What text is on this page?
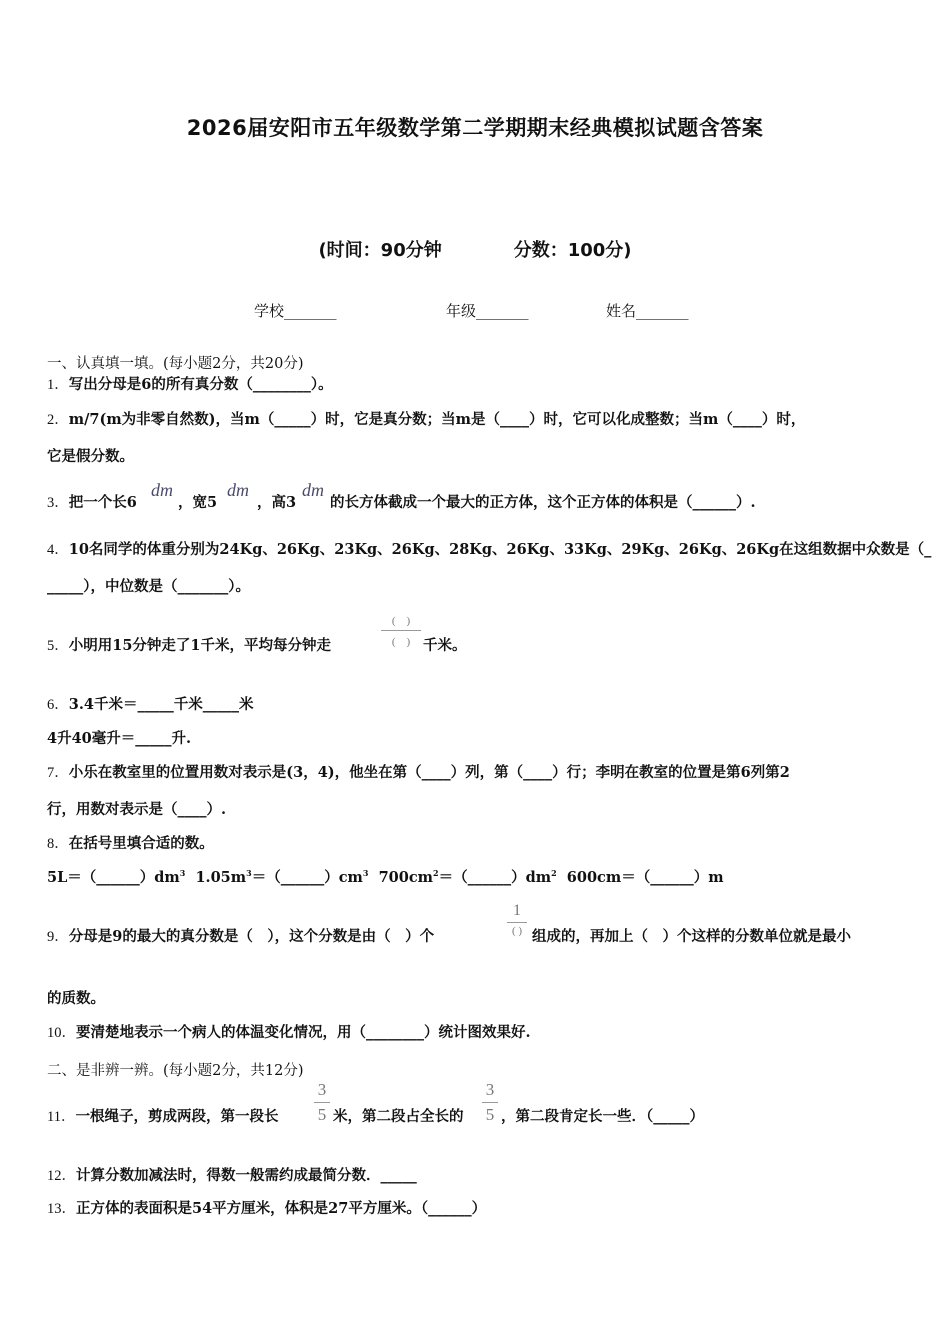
2026届安阳市五年级数学第二学期期末经典模拟试题含答案
(时间：90分钟	分数：100分)
学校_______	年级_______	姓名_______
一、认真填一填。(每小题2分，共20分)
1．写出分母是6的所有真分数（________）。
2．m/7(m为非零自然数)，当m（_____）时，它是真分数；当m是（____）时，它可以化成整数；当m（____）时，
它是假分数。
3．把一个长6
dm
，宽5
dm
，高3
dm
的长方体截成一个最大的正方体，这个正方体的体积是（______）.
4．10名同学的体重分别为24Kg、26Kg、23Kg、26Kg、28Kg、26Kg、33Kg、29Kg、26Kg、26Kg在这组数据中众数是（_
_____），中位数是（_______）。
5．小明用15分钟走了1千米，平均每分钟走
(　)
(　) 千米。
6．3.4千米＝_____千米_____米
4升40毫升＝_____升.
7．小乐在教室里的位置用数对表示是(3，4)，他坐在第（____）列，第（____）行；李明在教室的位置是第6列第2
行，用数对表示是（____）.
8．在括号里填合适的数。
$5L=(\_\_\_\_\_\_)dm^3$ $1.05m^3=(\_\_\_\_\_\_)cm^3$ $700cm^2=(\_\_\_\_\_\_)dm^2$ 600cm＝（______）m
9．分母是9的最大的真分数是（　），这个分数是由（　）个
1
( ) 组成的，再加上（　）个这样的分数单位就是最小
的质数。
10．要清楚地表示一个病人的体温变化情况，用（________）统计图效果好.
二、是非辨一辨。(每小题2分，共12分)
11．一根绳子，剪成两段，第一段长
3
5 米，第二段占全长的
3
5 ，第二段肯定长一些．（_____）
12．计算分数加减法时，得数一般需约成最简分数．_____
13．正方体的表面积是54平方厘米，体积是27平方厘米。（______）
